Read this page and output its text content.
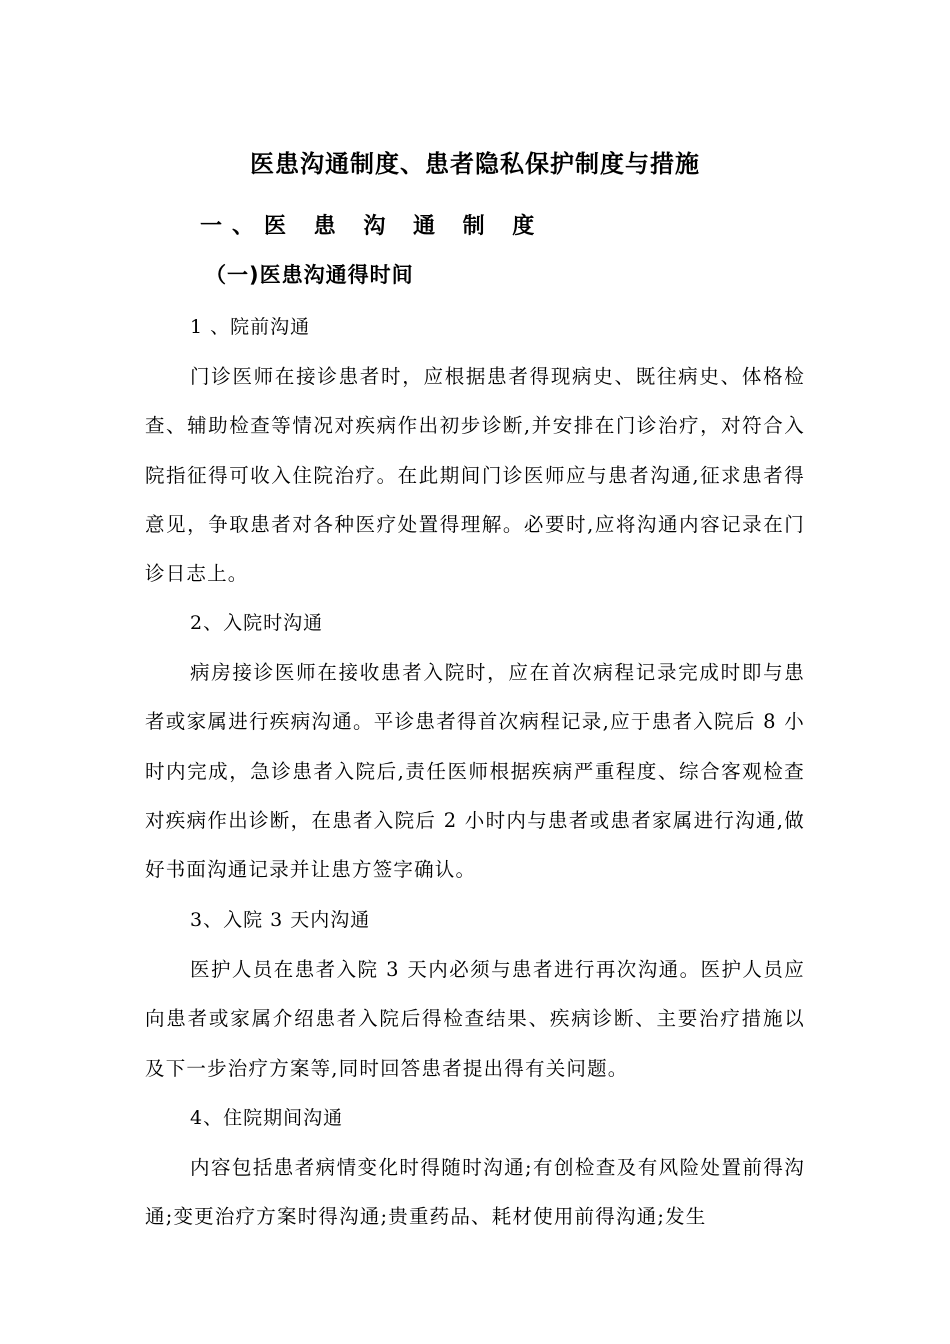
医患沟通制度、患者隐私保护制度与措施
一、医 患 沟 通 制 度
（一)医患沟通得时间

1 、院前沟通

门诊医师在接诊患者时，应根据患者得现病史、既往病史、体格检查、辅助检查等情况对疾病作出初步诊断,并安排在门诊治疗，对符合入院指征得可收入住院治疗。在此期间门诊医师应与患者沟通,征求患者得意见，争取患者对各种医疗处置得理解。必要时,应将沟通内容记录在门诊日志上。

2、入院时沟通

病房接诊医师在接收患者入院时，应在首次病程记录完成时即与患者或家属进行疾病沟通。平诊患者得首次病程记录,应于患者入院后 8 小时内完成，急诊患者入院后,责任医师根据疾病严重程度、综合客观检查对疾病作出诊断，在患者入院后 2 小时内与患者或患者家属进行沟通,做好书面沟通记录并让患方签字确认。

3、入院 3 天内沟通

医护人员在患者入院 3 天内必须与患者进行再次沟通。医护人员应向患者或家属介绍患者入院后得检查结果、疾病诊断、主要治疗措施以及下一步治疗方案等,同时回答患者提出得有关问题。

4、住院期间沟通

内容包括患者病情变化时得随时沟通;有创检查及有风险处置前得沟通;变更治疗方案时得沟通;贵重药品、耗材使用前得沟通;发生
